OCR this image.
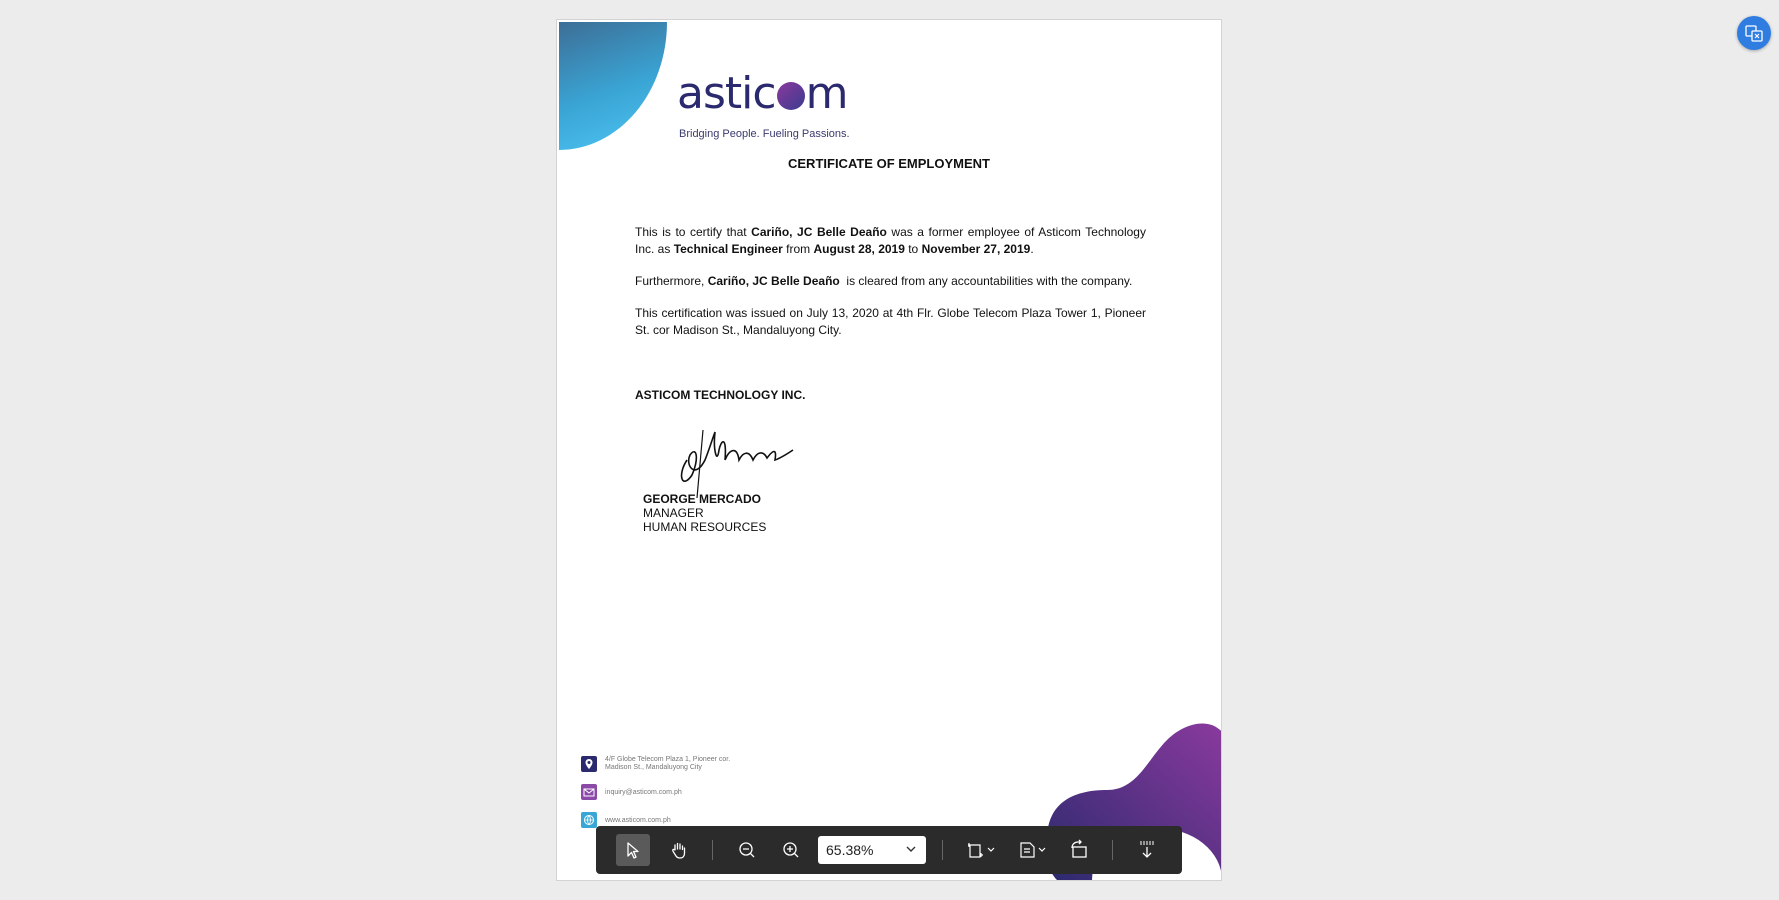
astic m
Bridging People. Fueling Passions.
CERTIFICATE OF EMPLOYMENT
This is to certify that Cariño, JC Belle Deaño was a former employee of Asticom Technology Inc. as Technical Engineer from August 28, 2019 to November 27, 2019.
Furthermore, Cariño, JC Belle Deaño  is cleared from any accountabilities with the company.
This certification was issued on July 13, 2020 at 4th Flr. Globe Telecom Plaza Tower 1, Pioneer St. cor Madison St., Mandaluyong City.
ASTICOM TECHNOLOGY INC.
GEORGE MERCADO
MANAGER
HUMAN RESOURCES
4/F Globe Telecom Plaza 1, Pioneer cor.
Madison St., Mandaluyong City
inquiry@asticom.com.ph
www.asticom.com.ph
65.38%
